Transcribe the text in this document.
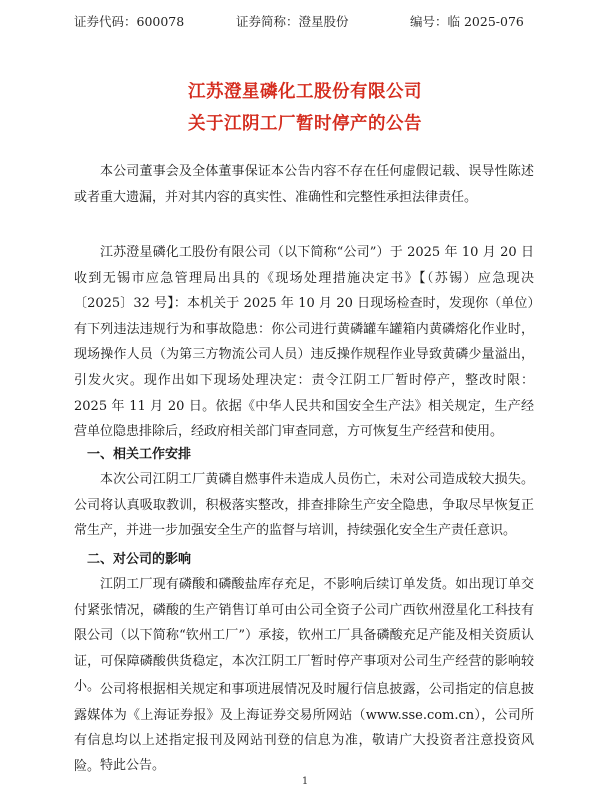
证券代码：600078	证券简称：澄星股份	编号：临 2025-076
江苏澄星磷化工股份有限公司
关于江阴工厂暂时停产的公告

本公司董事会及全体董事保证本公告内容不存在任何虚假记载、误导性陈述或者重大遗漏，并对其内容的真实性、准确性和完整性承担法律责任。

江苏澄星磷化工股份有限公司（以下简称“公司”）于 2025 年 10 月 20 日收到无锡市应急管理局出具的《现场处理措施决定书》【（苏锡）应急现决〔2025〕32 号】：本机关于 2025 年 10 月 20 日现场检查时，发现你（单位）有下列违法违规行为和事故隐患：你公司进行黄磷罐车罐箱内黄磷熔化作业时，现场操作人员（为第三方物流公司人员）违反操作规程作业导致黄磷少量溢出，引发火灾。现作出如下现场处理决定：责令江阴工厂暂时停产，整改时限：2025 年 11 月 20 日。依据《中华人民共和国安全生产法》相关规定，生产经营单位隐患排除后，经政府相关部门审查同意，方可恢复生产经营和使用。

一、相关工作安排

本次公司江阴工厂黄磷自燃事件未造成人员伤亡，未对公司造成较大损失。公司将认真吸取教训，积极落实整改，排查排除生产安全隐患，争取尽早恢复正常生产，并进一步加强安全生产的监督与培训，持续强化安全生产责任意识。

二、对公司的影响

江阴工厂现有磷酸和磷酸盐库存充足，不影响后续订单发货。如出现订单交付紧张情况，磷酸的生产销售订单可由公司全资子公司广西钦州澄星化工科技有限公司（以下简称“钦州工厂”）承接，钦州工厂具备磷酸充足产能及相关资质认证，可保障磷酸供货稳定，本次江阴工厂暂时停产事项对公司生产经营的影响较小。 公司将根据相关规定和事项进展情况及时履行信息披露，公司指定的信息披露媒体为《上海证券报》及上海证券交易所网站（www.sse.com.cn），公司所有信息均以上述指定报刊及网站刊登的信息为准，敬请广大投资者注意投资风险。 特此公告。

1
